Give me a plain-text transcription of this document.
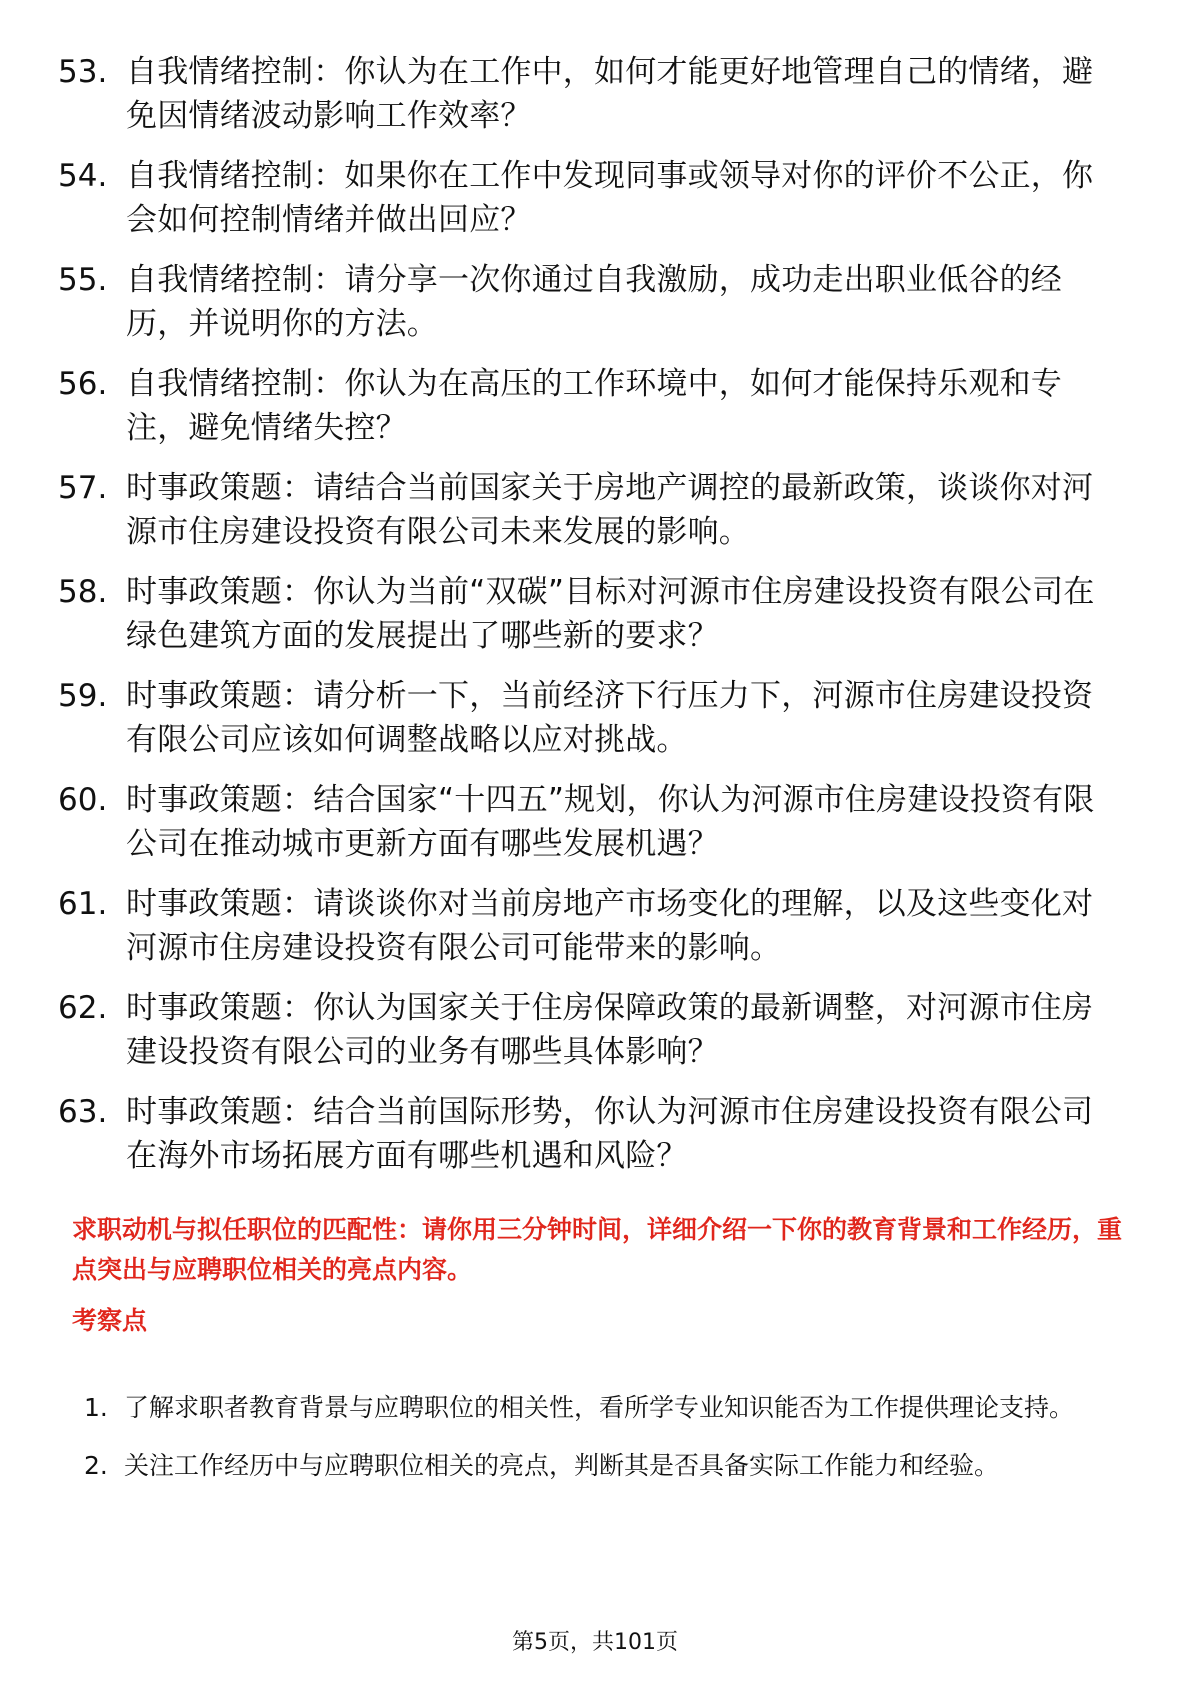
53. 自我情绪控制：你认为在工作中，如何才能更好地管理自己的情绪，避免因情绪波动影响工作效率？
54. 自我情绪控制：如果你在工作中发现同事或领导对你的评价不公正，你会如何控制情绪并做出回应？
55. 自我情绪控制：请分享一次你通过自我激励，成功走出职业低谷的经历，并说明你的方法。
56. 自我情绪控制：你认为在高压的工作环境中，如何才能保持乐观和专注，避免情绪失控？
57. 时事政策题：请结合当前国家关于房地产调控的最新政策，谈谈你对河源市住房建设投资有限公司未来发展的影响。
58. 时事政策题：你认为当前“双碳”目标对河源市住房建设投资有限公司在绿色建筑方面的发展提出了哪些新的要求？
59. 时事政策题：请分析一下，当前经济下行压力下，河源市住房建设投资有限公司应该如何调整战略以应对挑战。
60. 时事政策题：结合国家“十四五”规划，你认为河源市住房建设投资有限公司在推动城市更新方面有哪些发展机遇？
61. 时事政策题：请谈谈你对当前房地产市场变化的理解，以及这些变化对河源市住房建设投资有限公司可能带来的影响。
62. 时事政策题：你认为国家关于住房保障政策的最新调整，对河源市住房建设投资有限公司的业务有哪些具体影响？
63. 时事政策题：结合当前国际形势，你认为河源市住房建设投资有限公司在海外市场拓展方面有哪些机遇和风险？
求职动机与拟任职位的匹配性：请你用三分钟时间，详细介绍一下你的教育背景和工作经历，重点突出与应聘职位相关的亮点内容。
考察点
1. 了解求职者教育背景与应聘职位的相关性，看所学专业知识能否为工作提供理论支持。
2. 关注工作经历中与应聘职位相关的亮点，判断其是否具备实际工作能力和经验。
第5页，共101页
